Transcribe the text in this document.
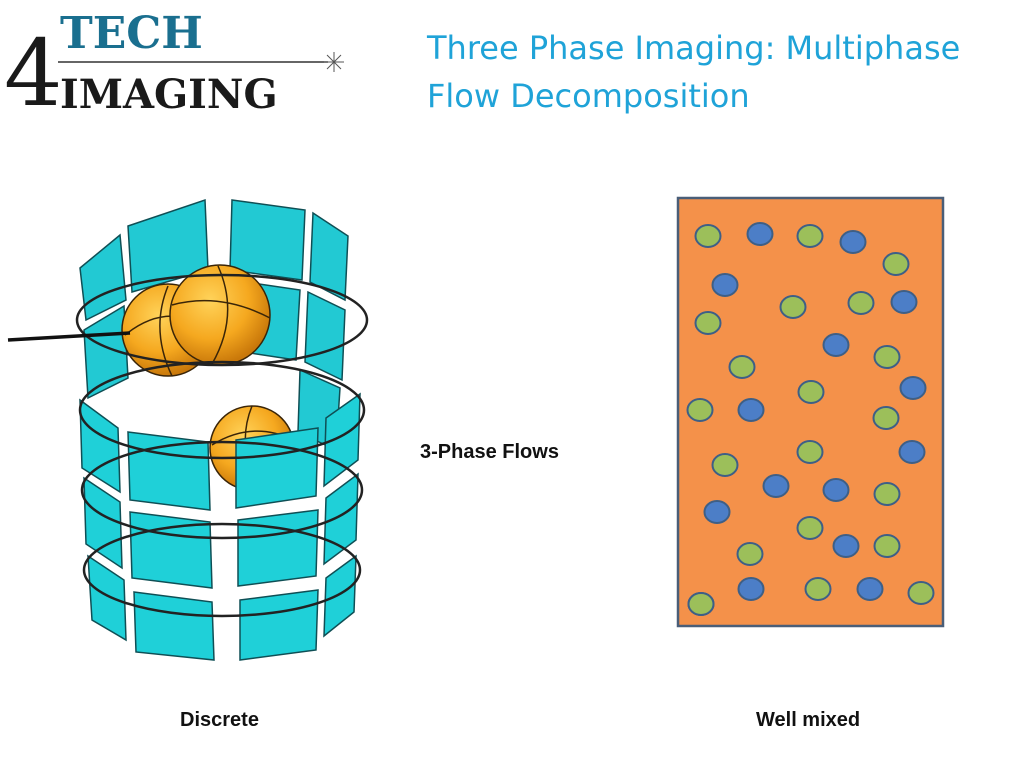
TECH
4
IMAGING
Three Phase Imaging: Multiphase
Flow Decomposition
3-Phase Flows
Discrete	Well mixed
